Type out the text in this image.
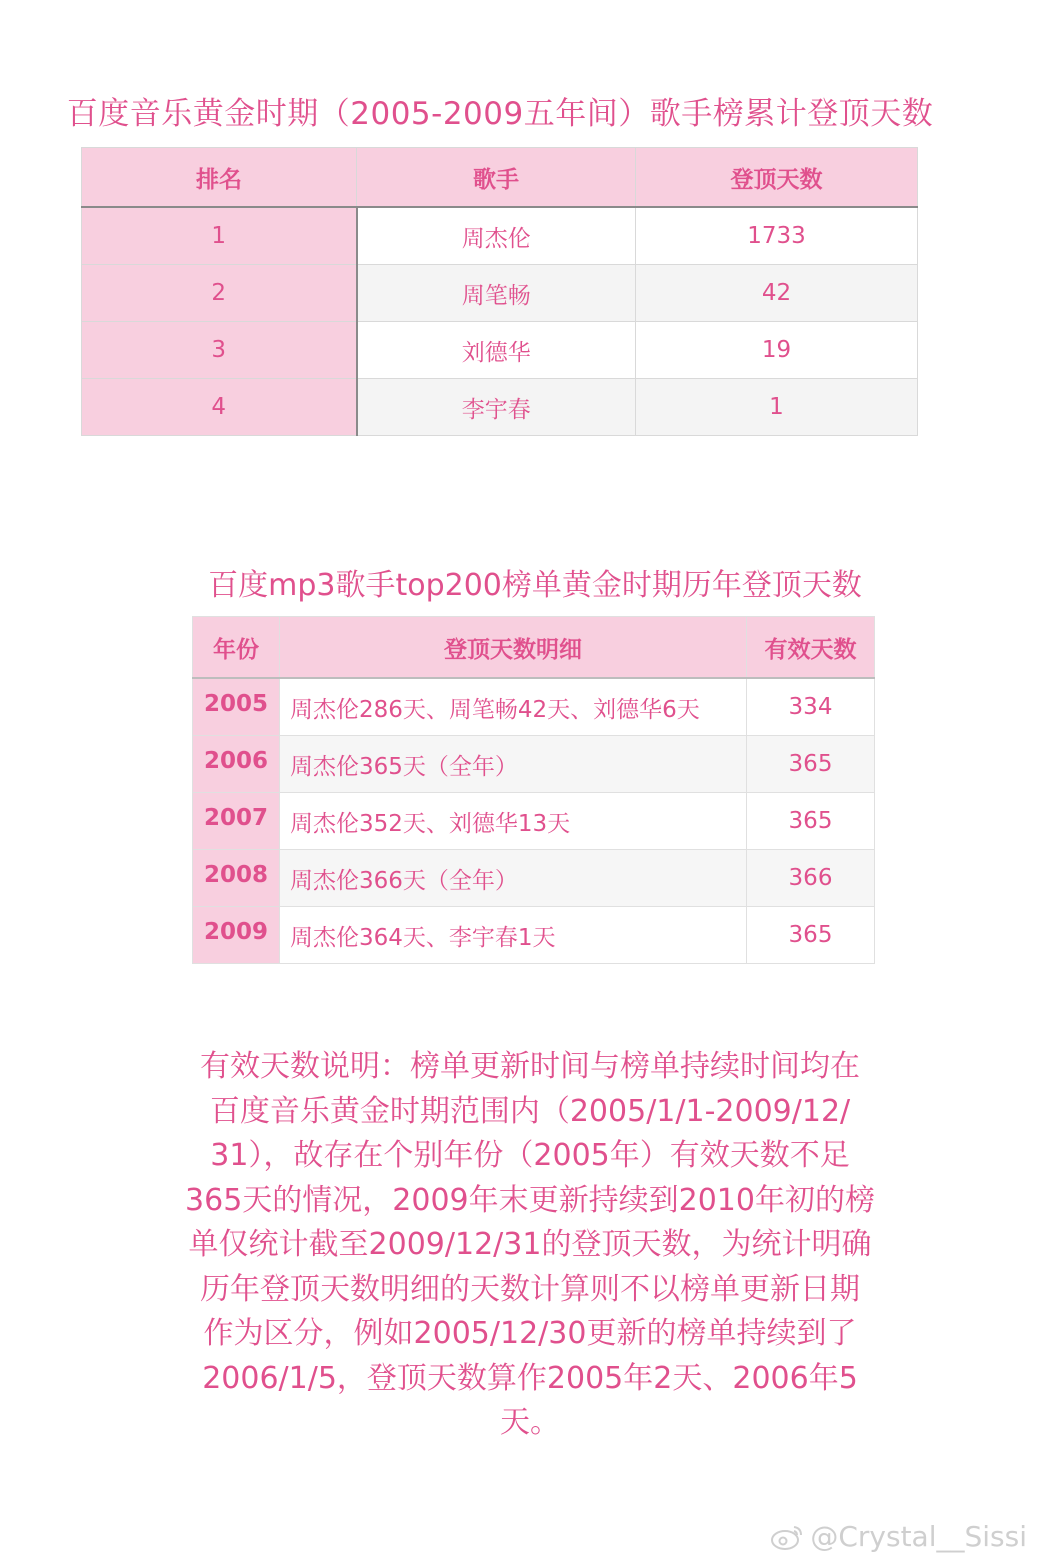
百度音乐黄金时期（2005-2009五年间）歌手榜累计登顶天数
排名	歌手	登顶天数
1	周杰伦	1733
2	周笔畅	42
3	刘德华	19
4	李宇春	1
百度mp3歌手top200榜单黄金时期历年登顶天数
年份	登顶天数明细	有效天数
2005	周杰伦286天、周笔畅42天、刘德华6天	334
2006	周杰伦365天（全年）	365
2007	周杰伦352天、刘德华13天	365
2008	周杰伦366天（全年）	366
2009	周杰伦364天、李宇春1天	365
有效天数说明：榜单更新时间与榜单持续时间均在
百度音乐黄金时期范围内（2005/1/1-2009/12/
31），故存在个别年份（2005年）有效天数不足
365天的情况，2009年末更新持续到2010年初的榜
单仅统计截至2009/12/31的登顶天数，为统计明确
历年登顶天数明细的天数计算则不以榜单更新日期
作为区分，例如2005/12/30更新的榜单持续到了
2006/1/5，登顶天数算作2005年2天、2006年5天。
@Crystal__Sissi
